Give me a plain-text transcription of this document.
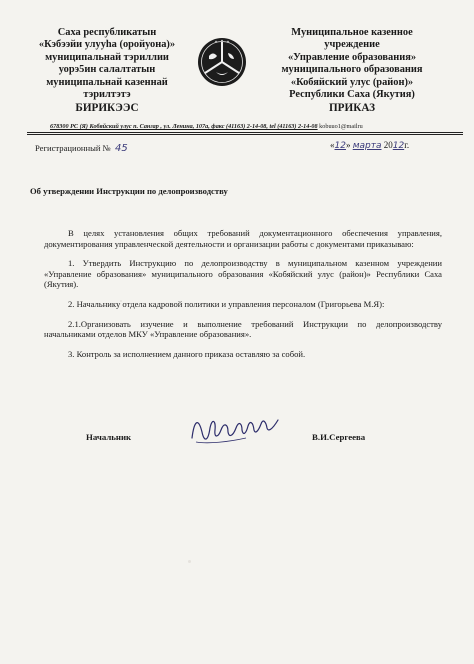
Саха республикатын
«Кэбээйи улууһа (оройуона)»
муниципальнай тэриллии
уорэ5ин салалтатын
муниципальнай казеннай
тэрилтэтэ
БИРИКЭЭС
Муниципальное казенное
учреждение
«Управление образования»
муниципального образования
«Кобяйский улус (район)»
Республики Саха (Якутия)
ПРИКАЗ
678300 РС (Я) Кобяйский улус п. Сангар , ул. Ленина, 107а, факс (41163) 2-14-08, tel (41163) 2-14-08 kobuuo1@mailru
Регистрационный № 45	«12» марта 2012г.
Об утверждении Инструкции по делопроизводству

В целях установления общих требований документационного обеспечения управления, документирования управленческой деятельности и организации работы с документами приказываю:

1. Утвердить Инструкцию по делопроизводству в муниципальном казенном учреждении «Управление образования» муниципального образования «Кобяйский улус (район)» Республики Саха (Якутия).

2. Начальнику отдела кадровой политики и управления персоналом (Григорьева М.Я):

2.1.Организовать изучение и выполнение требований Инструкции по делопроизводству начальниками отделов МКУ «Управление образования».

3. Контроль за исполнением данного приказа оставляю за собой.

Начальник	В.И.Сергеева
